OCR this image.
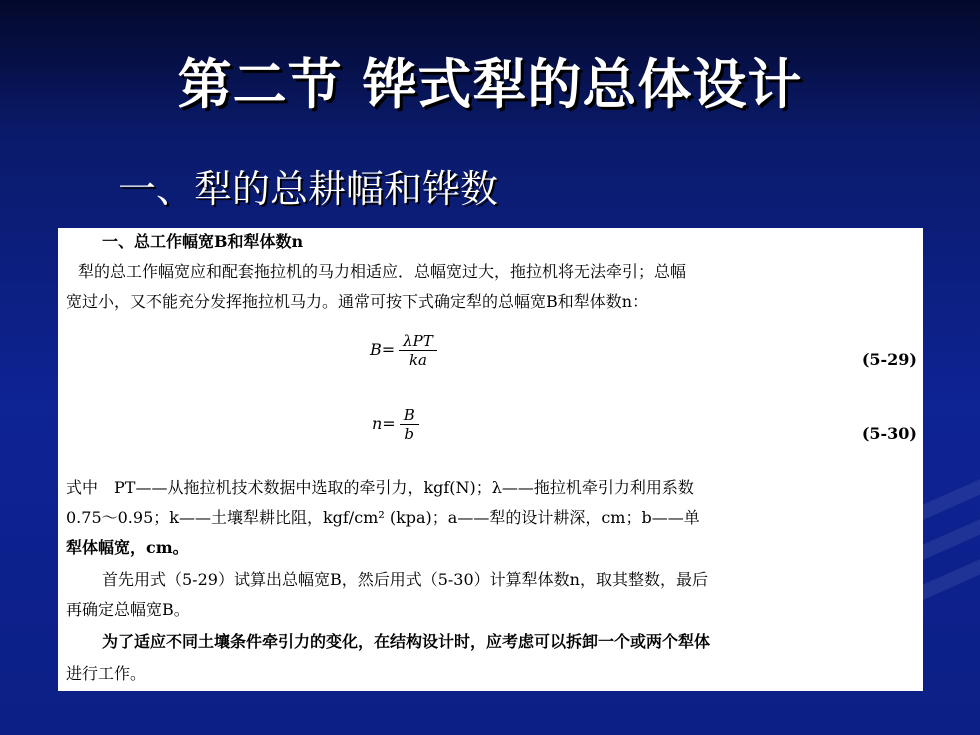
第二节 铧式犁的总体设计
一、犁的总耕幅和铧数
一、总工作幅宽B和犁体数n
犁的总工作幅宽应和配套拖拉机的马力相适应．总幅宽过大，拖拉机将无法牵引；总幅
宽过小，又不能充分发挥拖拉机马力。通常可按下式确定犁的总幅宽B和犁体数n：
$B= \frac{\text{λPT}}{ka}$	(5-29)
$n= \frac{B}{b}$	(5-30)
式中　PT——从拖拉机技术数据中选取的牵引力，kgf(N)；λ——拖拉机牵引力利用系数
0.75～0.95；k——土壤犁耕比阻，kgf/cm² (kpa)；a——犁的设计耕深，cm；b——单
犁体幅宽，cm。
首先用式（5-29）试算出总幅宽B，然后用式（5-30）计算犁体数n，取其整数，最后
再确定总幅宽B。
为了适应不同土壤条件牵引力的变化，在结构设计时，应考虑可以拆卸一个或两个犁体
进行工作。
